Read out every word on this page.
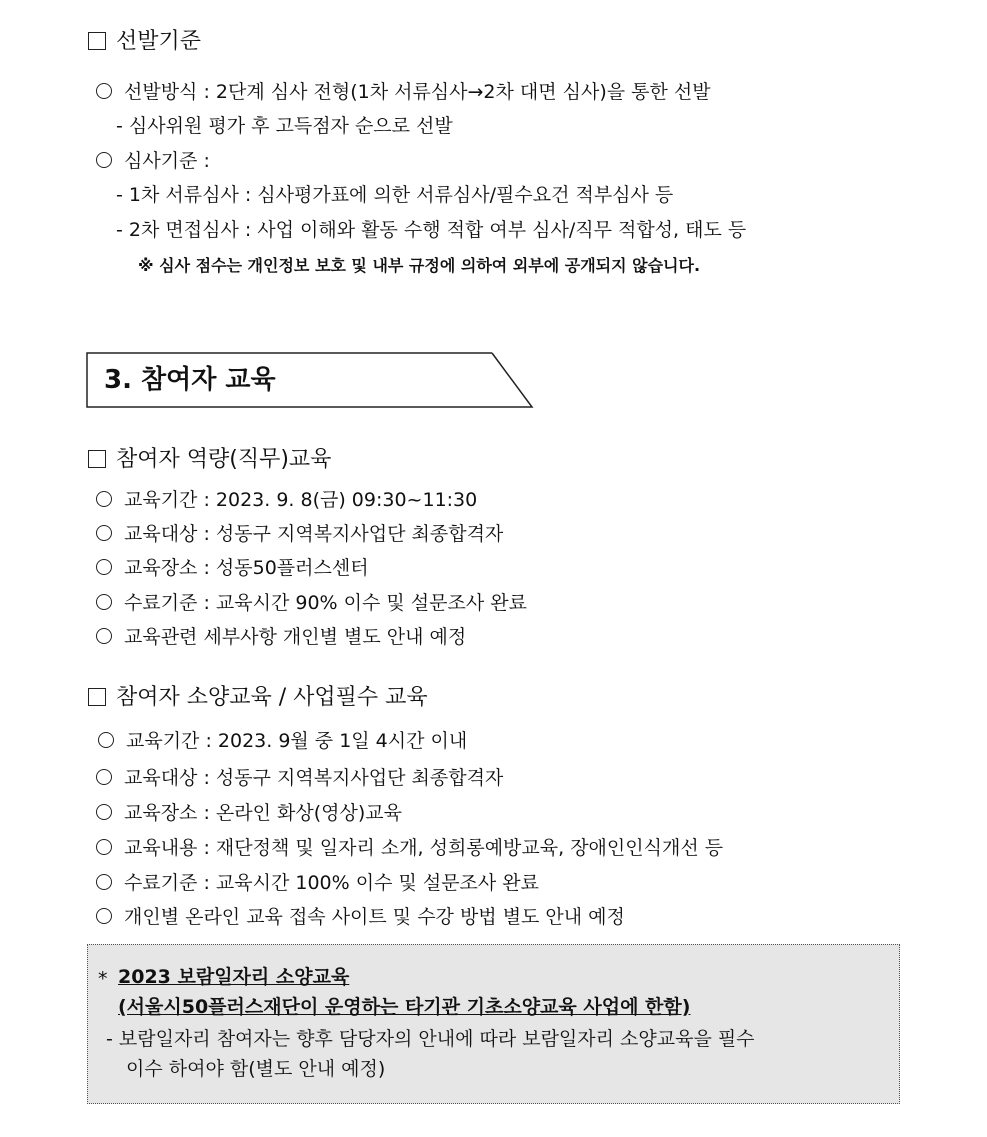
선발기준
선발방식 : 2단계 심사 전형(1차 서류심사→2차 대면 심사)을 통한 선발
- 심사위원 평가 후 고득점자 순으로 선발
심사기준 :
- 1차 서류심사 : 심사평가표에 의한 서류심사/필수요건 적부심사 등
- 2차 면접심사 : 사업 이해와 활동 수행 적합 여부 심사/직무 적합성, 태도 등
※ 심사 점수는 개인정보 보호 및 내부 규정에 의하여 외부에 공개되지 않습니다.
3. 참여자 교육
참여자 역량(직무)교육
교육기간 : 2023. 9. 8(금) 09:30~11:30
교육대상 : 성동구 지역복지사업단 최종합격자
교육장소 : 성동50플러스센터
수료기준 : 교육시간 90% 이수 및 설문조사 완료
교육관련 세부사항 개인별 별도 안내 예정
참여자 소양교육 / 사업필수 교육
교육기간 : 2023. 9월 중 1일 4시간 이내
교육대상 : 성동구 지역복지사업단 최종합격자
교육장소 : 온라인 화상(영상)교육
교육내용 : 재단정책 및 일자리 소개, 성희롱예방교육, 장애인인식개선 등
수료기준 : 교육시간 100% 이수 및 설문조사 완료
개인별 온라인 교육 접속 사이트 및 수강 방법 별도 안내 예정
* 2023 보람일자리 소양교육
(서울시50플러스재단이 운영하는 타기관 기초소양교육 사업에 한함)
- 보람일자리 참여자는 향후 담당자의 안내에 따라 보람일자리 소양교육을 필수
이수 하여야 함(별도 안내 예정)
